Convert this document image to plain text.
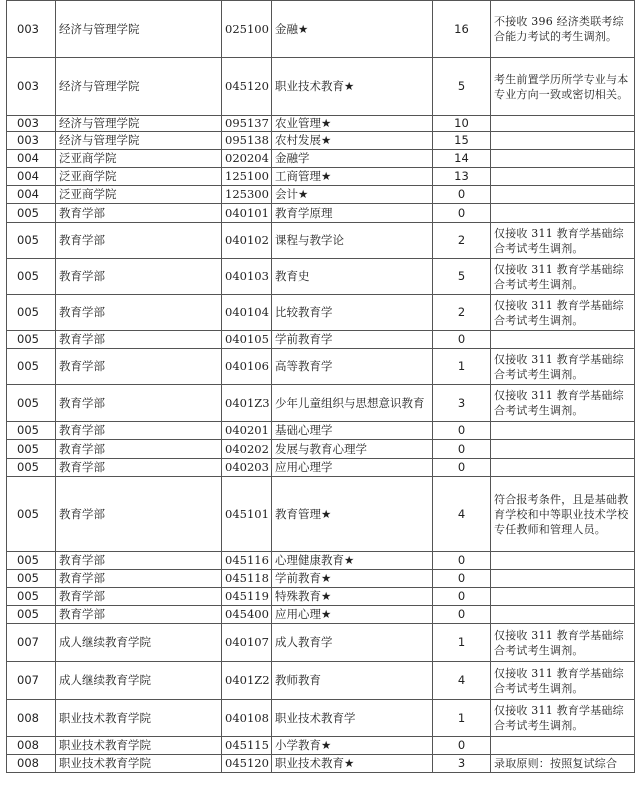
003	经济与管理学院	025100	金融★	16	不接收 396 经济类联考综合能力考试的考生调剂。
003	经济与管理学院	045120	职业技术教育★	5	考生前置学历所学专业与本专业方向一致或密切相关。
003	经济与管理学院	095137	农业管理★	10	
003	经济与管理学院	095138	农村发展★	15	
004	泛亚商学院	020204	金融学	14	
004	泛亚商学院	125100	工商管理★	13	
004	泛亚商学院	125300	会计★	0	
005	教育学部	040101	教育学原理	0	
005	教育学部	040102	课程与教学论	2	仅接收 311 教育学基础综合考试考生调剂。
005	教育学部	040103	教育史	5	仅接收 311 教育学基础综合考试考生调剂。
005	教育学部	040104	比较教育学	2	仅接收 311 教育学基础综合考试考生调剂。
005	教育学部	040105	学前教育学	0	
005	教育学部	040106	高等教育学	1	仅接收 311 教育学基础综合考试考生调剂。
005	教育学部	0401Z3	少年儿童组织与思想意识教育	3	仅接收 311 教育学基础综合考试考生调剂。
005	教育学部	040201	基础心理学	0	
005	教育学部	040202	发展与教育心理学	0	
005	教育学部	040203	应用心理学	0	
005	教育学部	045101	教育管理★	4	符合报考条件，且是基础教育学校和中等职业技术学校专任教师和管理人员。
005	教育学部	045116	心理健康教育★	0	
005	教育学部	045118	学前教育★	0	
005	教育学部	045119	特殊教育★	0	
005	教育学部	045400	应用心理★	0	
007	成人继续教育学院	040107	成人教育学	1	仅接收 311 教育学基础综合考试考生调剂。
007	成人继续教育学院	0401Z2	教师教育	4	仅接收 311 教育学基础综合考试考生调剂。
008	职业技术教育学院	040108	职业技术教育学	1	仅接收 311 教育学基础综合考试考生调剂。
008	职业技术教育学院	045115	小学教育★	0	
008	职业技术教育学院	045120	职业技术教育★	3	录取原则：按照复试综合
